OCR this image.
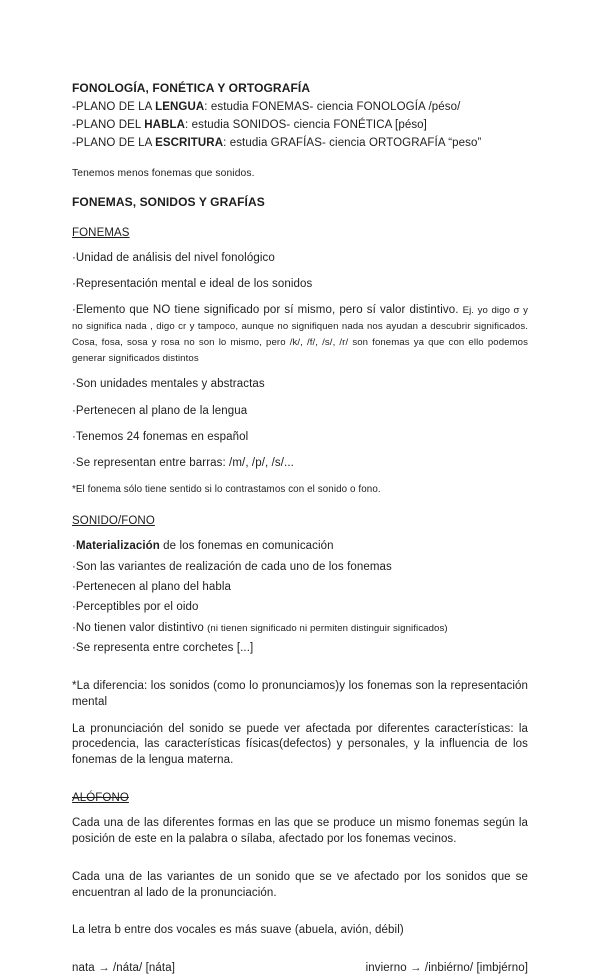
FONOLOGÍA, FONÉTICA Y ORTOGRAFÍA
-PLANO DE LA LENGUA: estudia FONEMAS- ciencia FONOLOGÍA /péso/
-PLANO DEL HABLA: estudia SONIDOS- ciencia FONÉTICA [péso]
-PLANO DE LA ESCRITURA: estudia GRAFÍAS- ciencia ORTOGRAFÍA “peso”
Tenemos menos fonemas que sonidos.
FONEMAS, SONIDOS Y GRAFÍAS
FONEMAS
·Unidad de análisis del nivel fonológico
·Representación mental e ideal de los sonidos
·Elemento que NO tiene significado por sí mismo, pero sí valor distintivo. Ej. yo digo σ y no significa nada , digo cr y tampoco, aunque no signifiquen nada nos ayudan a descubrir significados. Cosa, fosa, sosa y rosa no son lo mismo, pero /k/, /f/, /s/, /r/ son fonemas ya que con ello podemos generar significados distintos
·Son unidades mentales y abstractas
·Pertenecen al plano de la lengua
·Tenemos 24 fonemas en español
·Se representan entre barras: /m/, /p/, /s/...
*El fonema sólo tiene sentido si lo contrastamos con el sonido o fono.
SONIDO/FONO
·Materialización de los fonemas en comunicación
·Son las variantes de realización de cada uno de los fonemas
·Pertenecen al plano del habla
·Perceptibles por el oido
·No tienen valor distintivo (ni tienen significado ni permiten distinguir significados)
·Se representa entre corchetes [...]
*La diferencia: los sonidos (como lo pronunciamos)y los fonemas son la representación mental
La pronunciación del sonido se puede ver afectada por diferentes características: la procedencia, las características físicas(defectos) y personales, y la influencia de los fonemas de la lengua materna.
ALÓFONO
Cada una de las diferentes formas en las que se produce un mismo fonemas según la posición de este en la palabra o sílaba, afectado por los fonemas vecinos.
Cada una de las variantes de un sonido que se ve afectado por los sonidos que se encuentran al lado de la pronunciación.
La letra b entre dos vocales es más suave (abuela, avión, débil)
nata → /náta/ [náta]	invierno → /inbiérno/ [imbjérno]
